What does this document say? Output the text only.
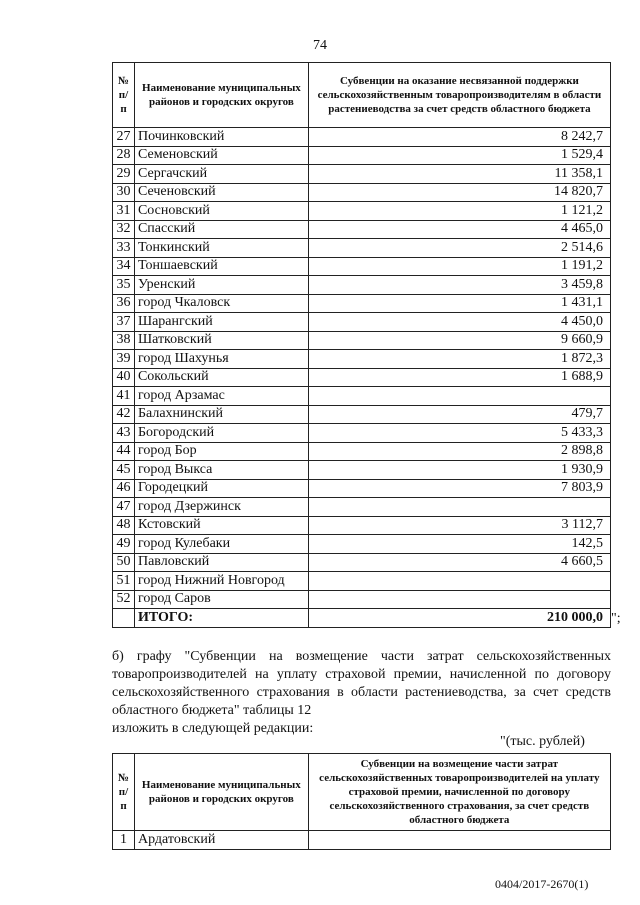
74
№ п/п	Наименование муниципальных районов и городских округов	Субвенции на оказание несвязанной поддержки сельскохозяйственным товаропроизводителям в области растениеводства за счет средств областного бюджета
27	Починковский	8 242,7
28	Семеновский	1 529,4
29	Сергачский	11 358,1
30	Сеченовский	14 820,7
31	Сосновский	1 121,2
32	Спасский	4 465,0
33	Тонкинский	2 514,6
34	Тоншаевский	1 191,2
35	Уренский	3 459,8
36	город Чкаловск	1 431,1
37	Шарангский	4 450,0
38	Шатковский	9 660,9
39	город Шахунья	1 872,3
40	Сокольский	1 688,9
41	город Арзамас	
42	Балахнинский	479,7
43	Богородский	5 433,3
44	город Бор	2 898,8
45	город Выкса	1 930,9
46	Городецкий	7 803,9
47	город Дзержинск	
48	Кстовский	3 112,7
49	город Кулебаки	142,5
50	Павловский	4 660,5
51	город Нижний Новгород	
52	город Саров	
	ИТОГО:	210 000,0 ";
б) графу "Субвенции на возмещение части затрат сельскохозяйственных товаропроизводителей на уплату страховой премии, начисленной по договору сельскохозяйственного страхования в области растениеводства, за счет средств областного бюджета" таблицы 12
изложить в следующей редакции:
"(тыс. рублей)
№ п/п	Наименование муниципальных районов и городских округов	Субвенции на возмещение части затрат сельскохозяйственных товаропроизводителей на уплату страховой премии, начисленной по договору сельскохозяйственного страхования, за счет средств областного бюджета
1	Ардатовский	
0404/2017-2670(1)
